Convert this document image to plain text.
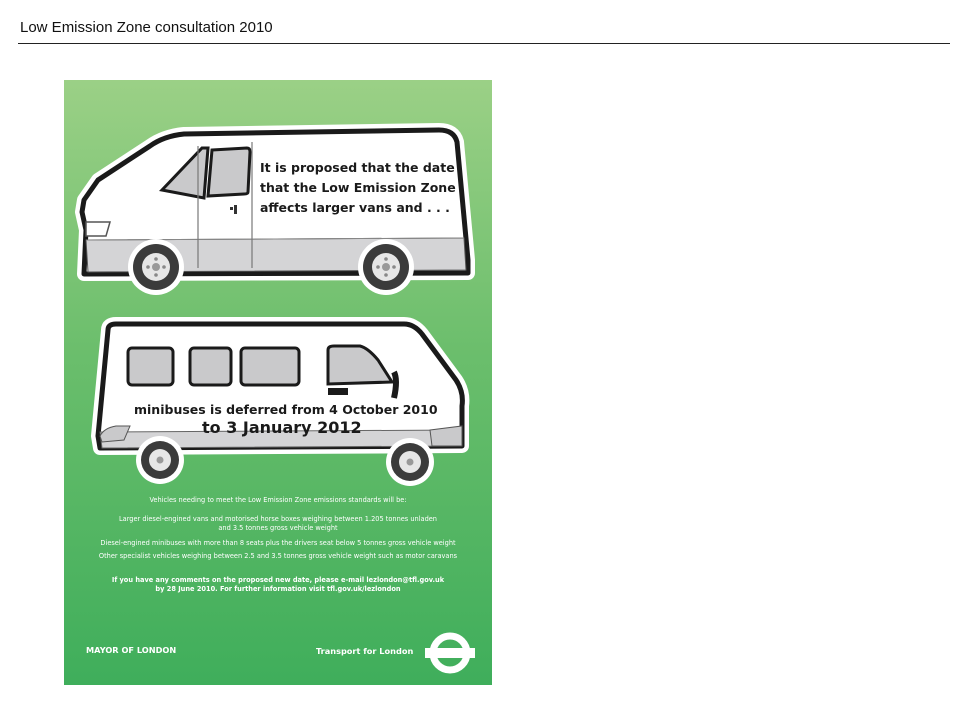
Low Emission Zone consultation 2010
It is proposed that the date
that the Low Emission Zone
affects larger vans and . . .
minibuses is deferred from 4 October 2010
to 3 January 2012
Vehicles needing to meet the Low Emission Zone emissions standards will be:
Larger diesel-engined vans and motorised horse boxes weighing between 1.205 tonnes unladen
and 3.5 tonnes gross vehicle weight
Diesel-engined minibuses with more than 8 seats plus the drivers seat below 5 tonnes gross vehicle weight
Other specialist vehicles weighing between 2.5 and 3.5 tonnes gross vehicle weight such as motor caravans
If you have any comments on the proposed new date, please e-mail lezlondon@tfl.gov.uk
by 28 June 2010. For further information visit tfl.gov.uk/lezlondon
MAYOR OF LONDON	Transport for London
